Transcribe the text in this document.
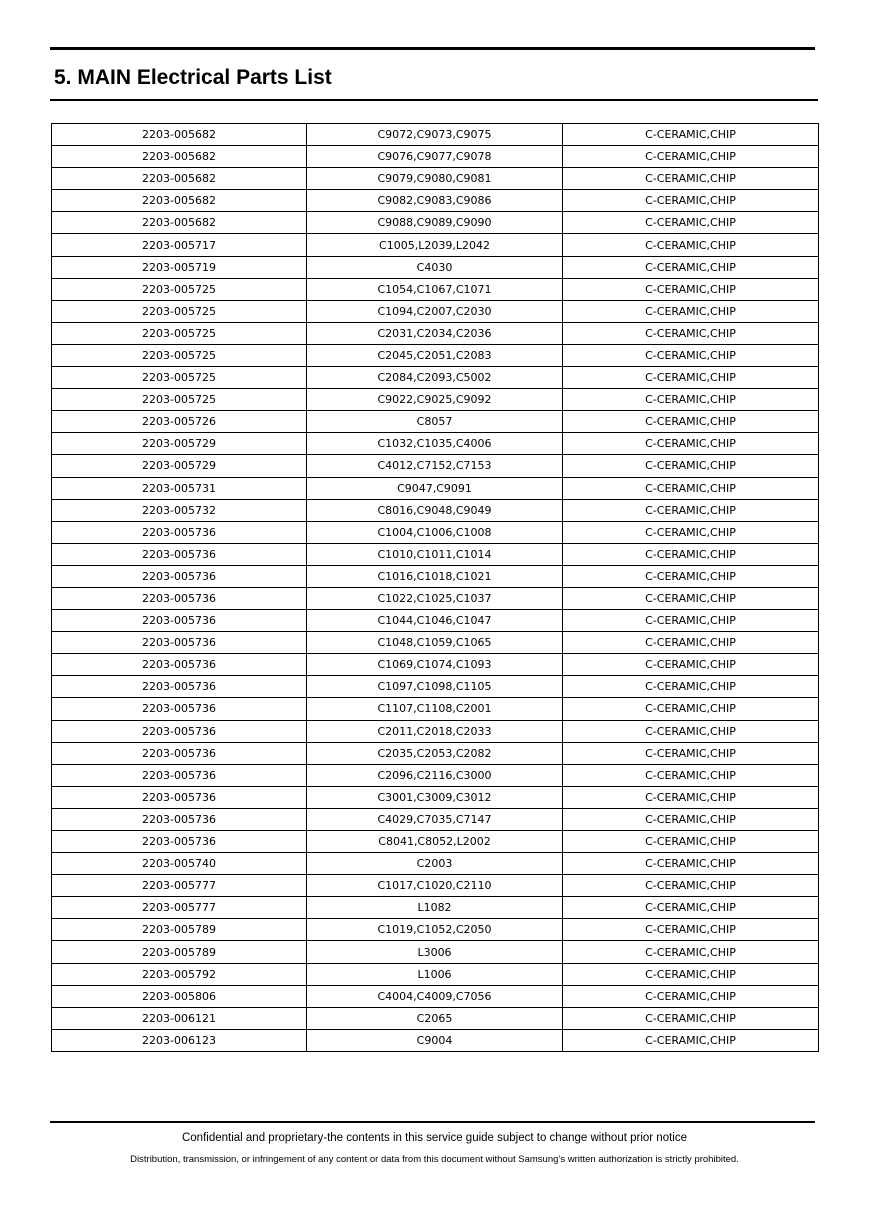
5. MAIN Electrical Parts List
2203-005682	C9072,C9073,C9075	C-CERAMIC,CHIP
2203-005682	C9076,C9077,C9078	C-CERAMIC,CHIP
2203-005682	C9079,C9080,C9081	C-CERAMIC,CHIP
2203-005682	C9082,C9083,C9086	C-CERAMIC,CHIP
2203-005682	C9088,C9089,C9090	C-CERAMIC,CHIP
2203-005717	C1005,L2039,L2042	C-CERAMIC,CHIP
2203-005719	C4030	C-CERAMIC,CHIP
2203-005725	C1054,C1067,C1071	C-CERAMIC,CHIP
2203-005725	C1094,C2007,C2030	C-CERAMIC,CHIP
2203-005725	C2031,C2034,C2036	C-CERAMIC,CHIP
2203-005725	C2045,C2051,C2083	C-CERAMIC,CHIP
2203-005725	C2084,C2093,C5002	C-CERAMIC,CHIP
2203-005725	C9022,C9025,C9092	C-CERAMIC,CHIP
2203-005726	C8057	C-CERAMIC,CHIP
2203-005729	C1032,C1035,C4006	C-CERAMIC,CHIP
2203-005729	C4012,C7152,C7153	C-CERAMIC,CHIP
2203-005731	C9047,C9091	C-CERAMIC,CHIP
2203-005732	C8016,C9048,C9049	C-CERAMIC,CHIP
2203-005736	C1004,C1006,C1008	C-CERAMIC,CHIP
2203-005736	C1010,C1011,C1014	C-CERAMIC,CHIP
2203-005736	C1016,C1018,C1021	C-CERAMIC,CHIP
2203-005736	C1022,C1025,C1037	C-CERAMIC,CHIP
2203-005736	C1044,C1046,C1047	C-CERAMIC,CHIP
2203-005736	C1048,C1059,C1065	C-CERAMIC,CHIP
2203-005736	C1069,C1074,C1093	C-CERAMIC,CHIP
2203-005736	C1097,C1098,C1105	C-CERAMIC,CHIP
2203-005736	C1107,C1108,C2001	C-CERAMIC,CHIP
2203-005736	C2011,C2018,C2033	C-CERAMIC,CHIP
2203-005736	C2035,C2053,C2082	C-CERAMIC,CHIP
2203-005736	C2096,C2116,C3000	C-CERAMIC,CHIP
2203-005736	C3001,C3009,C3012	C-CERAMIC,CHIP
2203-005736	C4029,C7035,C7147	C-CERAMIC,CHIP
2203-005736	C8041,C8052,L2002	C-CERAMIC,CHIP
2203-005740	C2003	C-CERAMIC,CHIP
2203-005777	C1017,C1020,C2110	C-CERAMIC,CHIP
2203-005777	L1082	C-CERAMIC,CHIP
2203-005789	C1019,C1052,C2050	C-CERAMIC,CHIP
2203-005789	L3006	C-CERAMIC,CHIP
2203-005792	L1006	C-CERAMIC,CHIP
2203-005806	C4004,C4009,C7056	C-CERAMIC,CHIP
2203-006121	C2065	C-CERAMIC,CHIP
2203-006123	C9004	C-CERAMIC,CHIP
Confidential and proprietary-the contents in this service guide subject to change without prior notice
Distribution, transmission, or infringement of any content or data from this document without Samsung’s written authorization is strictly prohibited.
